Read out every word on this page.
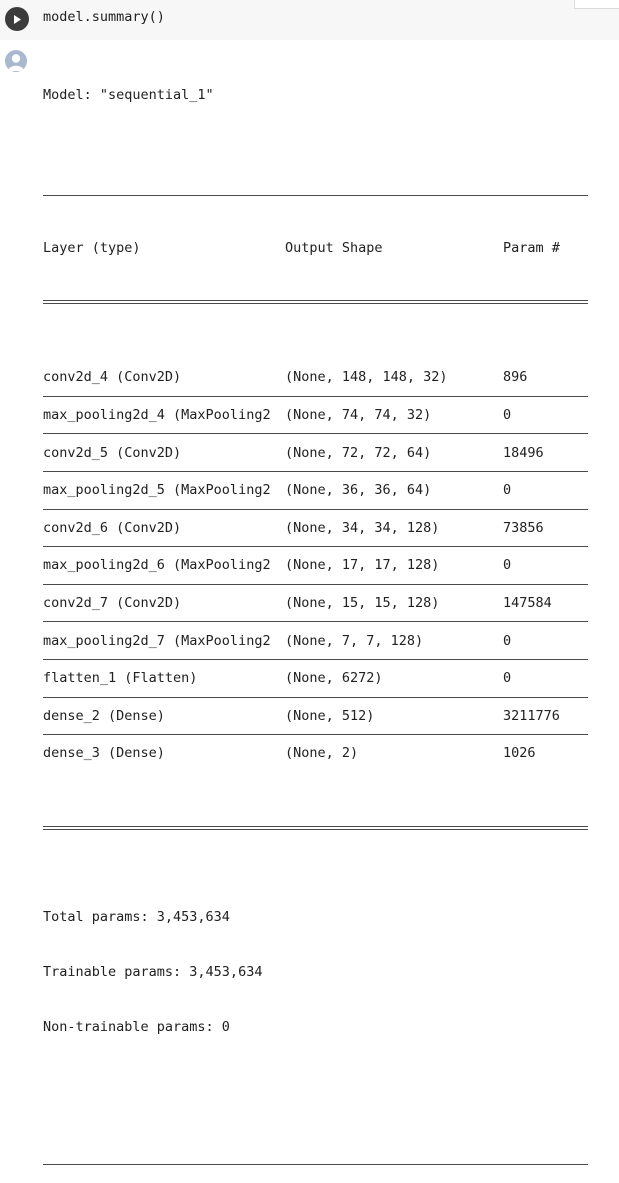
model.summary()

Model: "sequential_1"

Layer (type)	Output Shape	Param #

conv2d_4 (Conv2D)	(None, 148, 148, 32)	896
max_pooling2d_4 (MaxPooling2	(None, 74, 74, 32)	0
conv2d_5 (Conv2D)	(None, 72, 72, 64)	18496
max_pooling2d_5 (MaxPooling2	(None, 36, 36, 64)	0
conv2d_6 (Conv2D)	(None, 34, 34, 128)	73856
max_pooling2d_6 (MaxPooling2	(None, 17, 17, 128)	0
conv2d_7 (Conv2D)	(None, 15, 15, 128)	147584
max_pooling2d_7 (MaxPooling2	(None, 7, 7, 128)	0
flatten_1 (Flatten)	(None, 6272)	0
dense_2 (Dense)	(None, 512)	3211776
dense_3 (Dense)	(None, 2)	1026

Total params: 3,453,634

Trainable params: 3,453,634

Non-trainable params: 0
